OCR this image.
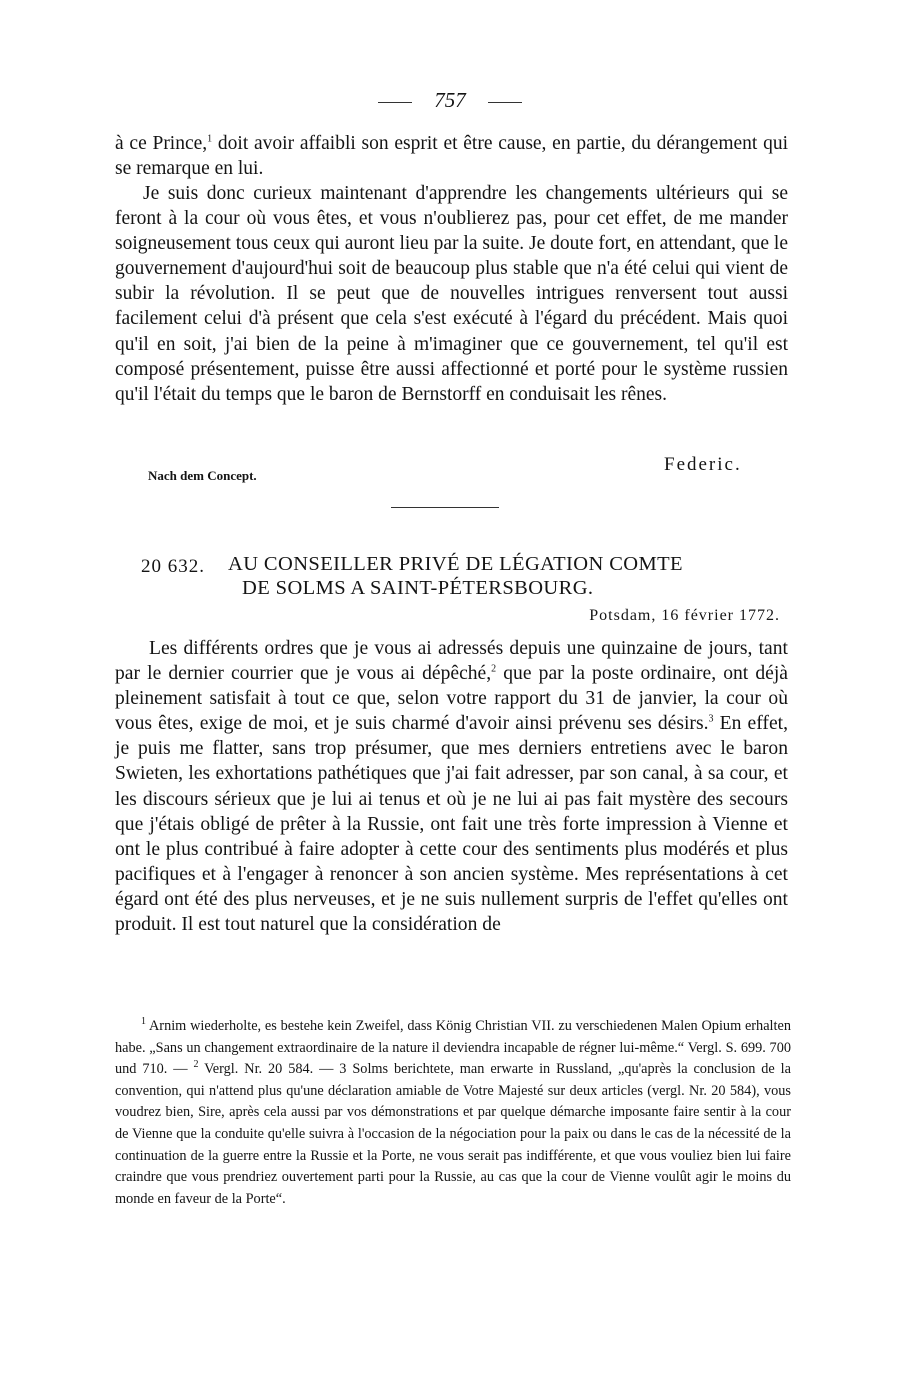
757
à ce Prince,$^1$ doit avoir affaibli son esprit et être cause, en partie, du dérangement qui se remarque en lui.
Je suis donc curieux maintenant d'apprendre les changements ultérieurs qui se feront à la cour où vous êtes, et vous n'oublierez pas, pour cet effet, de me mander soigneusement tous ceux qui auront lieu par la suite. Je doute fort, en attendant, que le gouvernement d'aujourd'hui soit de beaucoup plus stable que n'a été celui qui vient de subir la révolution. Il se peut que de nouvelles intrigues renversent tout aussi facilement celui d'à présent que cela s'est exécuté à l'égard du précédent. Mais quoi qu'il en soit, j'ai bien de la peine à m'imaginer que ce gouvernement, tel qu'il est composé présentement, puisse être aussi affectionné et porté pour le système russien qu'il l'était du temps que le baron de Bernstorff en conduisait les rênes.
Nach dem Concept.
Federic.
20 632. AU CONSEILLER PRIVÉ DE LÉGATION COMTE
DE SOLMS A SAINT-PÉTERSBOURG.
Potsdam, 16 février 1772.
Les différents ordres que je vous ai adressés depuis une quinzaine de jours, tant par le dernier courrier que je vous ai dépêché,$^2$ que par la poste ordinaire, ont déjà pleinement satisfait à tout ce que, selon votre rapport du 31 de janvier, la cour où vous êtes, exige de moi, et je suis charmé d'avoir ainsi prévenu ses désirs.$^3$ En effet, je puis me flatter, sans trop présumer, que mes derniers entretiens avec le baron Swieten, les exhortations pathétiques que j'ai fait adresser, par son canal, à sa cour, et les discours sérieux que je lui ai tenus et où je ne lui ai pas fait mystère des secours que j'étais obligé de prêter à la Russie, ont fait une très forte impression à Vienne et ont le plus contribué à faire adopter à cette cour des sentiments plus modérés et plus pacifiques et à l'engager à renoncer à son ancien système. Mes représentations à cet égard ont été des plus nerveuses, et je ne suis nullement surpris de l'effet qu'elles ont produit. Il est tout naturel que la considération de
$^1$ Arnim wiederholte, es bestehe kein Zweifel, dass König Christian VII. zu verschiedenen Malen Opium erhalten habe. „Sans un changement extraordinaire de la nature il deviendra incapable de régner lui-même.“ Vergl. S. 699. 700 und 710. — $^2$ Vergl. Nr. 20 584. — 3 Solms berichtete, man erwarte in Russland, „qu'après la conclusion de la convention, qui n'attend plus qu'une déclaration amiable de Votre Majesté sur deux articles (vergl. Nr. 20 584), vous voudrez bien, Sire, après cela aussi par vos démonstrations et par quelque démarche imposante faire sentir à la cour de Vienne que la conduite qu'elle suivra à l'occasion de la négociation pour la paix ou dans le cas de la nécessité de la continuation de la guerre entre la Russie et la Porte, ne vous serait pas indifférente, et que vous vouliez bien lui faire craindre que vous prendriez ouvertement parti pour la Russie, au cas que la cour de Vienne voulût agir le moins du monde en faveur de la Porte“.
